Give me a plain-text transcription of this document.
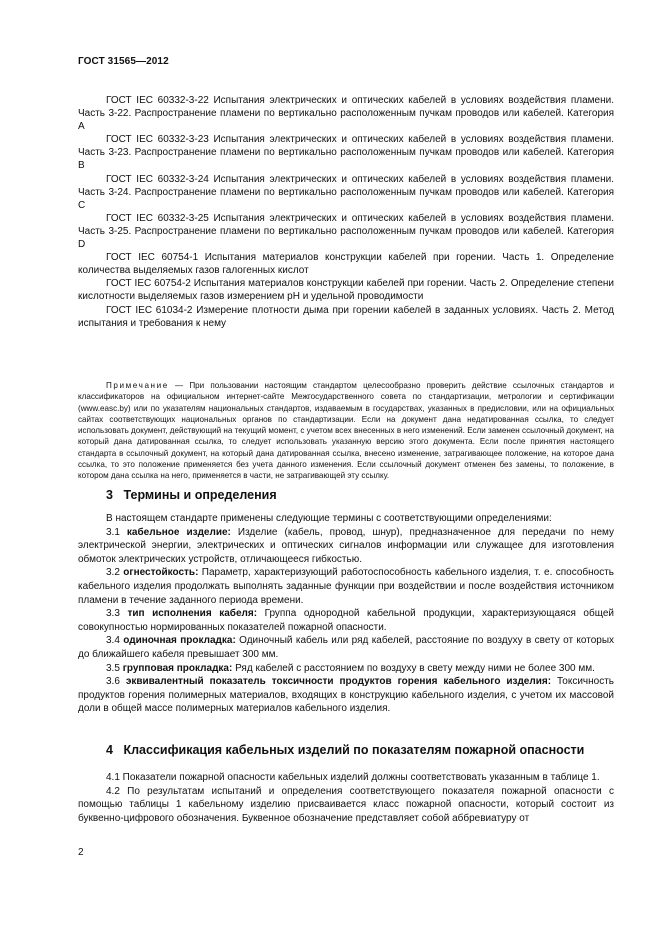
ГОСТ 31565—2012

ГОСТ IEC 60332-3-22 Испытания электрических и оптических кабелей в условиях воздействия пламени. Часть 3-22. Распространение пламени по вертикально расположенным пучкам проводов или кабелей. Категория А

ГОСТ IEC 60332-3-23 Испытания электрических и оптических кабелей в условиях воздействия пламени. Часть 3-23. Распространение пламени по вертикально расположенным пучкам проводов или кабелей. Категория В

ГОСТ IEC 60332-3-24 Испытания электрических и оптических кабелей в условиях воздействия пламени. Часть 3-24. Распространение пламени по вертикально расположенным пучкам проводов или кабелей. Категория С

ГОСТ IEC 60332-3-25 Испытания электрических и оптических кабелей в условиях воздействия пламени. Часть 3-25. Распространение пламени по вертикально расположенным пучкам проводов или кабелей. Категория D

ГОСТ IEC 60754-1 Испытания материалов конструкции кабелей при горении. Часть 1. Определение количества выделяемых газов галогенных кислот

ГОСТ IEC 60754-2 Испытания материалов конструкции кабелей при горении. Часть 2. Определение степени кислотности выделяемых газов измерением pH и удельной проводимости

ГОСТ IEC 61034-2 Измерение плотности дыма при горении кабелей в заданных условиях. Часть 2. Метод испытания и требования к нему

Примечание — При пользовании настоящим стандартом целесообразно проверить действие ссылочных стандартов и классификаторов на официальном интернет-сайте Межгосударственного совета по стандартизации, метрологии и сертификации (www.easc.by) или по указателям национальных стандартов, издаваемым в государствах, указанных в предисловии, или на официальных сайтах соответствующих национальных органов по стандартизации. Если на документ дана недатированная ссылка, то следует использовать документ, действующий на текущий момент, с учетом всех внесенных в него изменений. Если заменен ссылочный документ, на который дана датированная ссылка, то следует использовать указанную версию этого документа. Если после принятия настоящего стандарта в ссылочный документ, на который дана датированная ссылка, внесено изменение, затрагивающее положение, на которое дана ссылка, то это положение применяется без учета данного изменения. Если ссылочный документ отменен без замены, то положение, в котором дана ссылка на него, применяется в части, не затрагивающей эту ссылку.

3 Термины и определения

В настоящем стандарте применены следующие термины с соответствующими определениями:

3.1 кабельное изделие: Изделие (кабель, провод, шнур), предназначенное для передачи по нему электрической энергии, электрических и оптических сигналов информации или служащее для изготовления обмоток электрических устройств, отличающееся гибкостью.

3.2 огнестойкость: Параметр, характеризующий работоспособность кабельного изделия, т. е. способность кабельного изделия продолжать выполнять заданные функции при воздействии и после воздействия источником пламени в течение заданного периода времени.

3.3 тип исполнения кабеля: Группа однородной кабельной продукции, характеризующаяся общей совокупностью нормированных показателей пожарной опасности.

3.4 одиночная прокладка: Одиночный кабель или ряд кабелей, расстояние по воздуху в свету от которых до ближайшего кабеля превышает 300 мм.

3.5 групповая прокладка: Ряд кабелей с расстоянием по воздуху в свету между ними не более 300 мм.

3.6 эквивалентный показатель токсичности продуктов горения кабельного изделия: Токсичность продуктов горения полимерных материалов, входящих в конструкцию кабельного изделия, с учетом их массовой доли в общей массе полимерных материалов кабельного изделия.

4 Классификация кабельных изделий по показателям пожарной опасности

4.1 Показатели пожарной опасности кабельных изделий должны соответствовать указанным в таблице 1.

4.2 По результатам испытаний и определения соответствующего показателя пожарной опасности с помощью таблицы 1 кабельному изделию присваивается класс пожарной опасности, который состоит из буквенно-цифрового обозначения. Буквенное обозначение представляет собой аббревиатуру от

2
